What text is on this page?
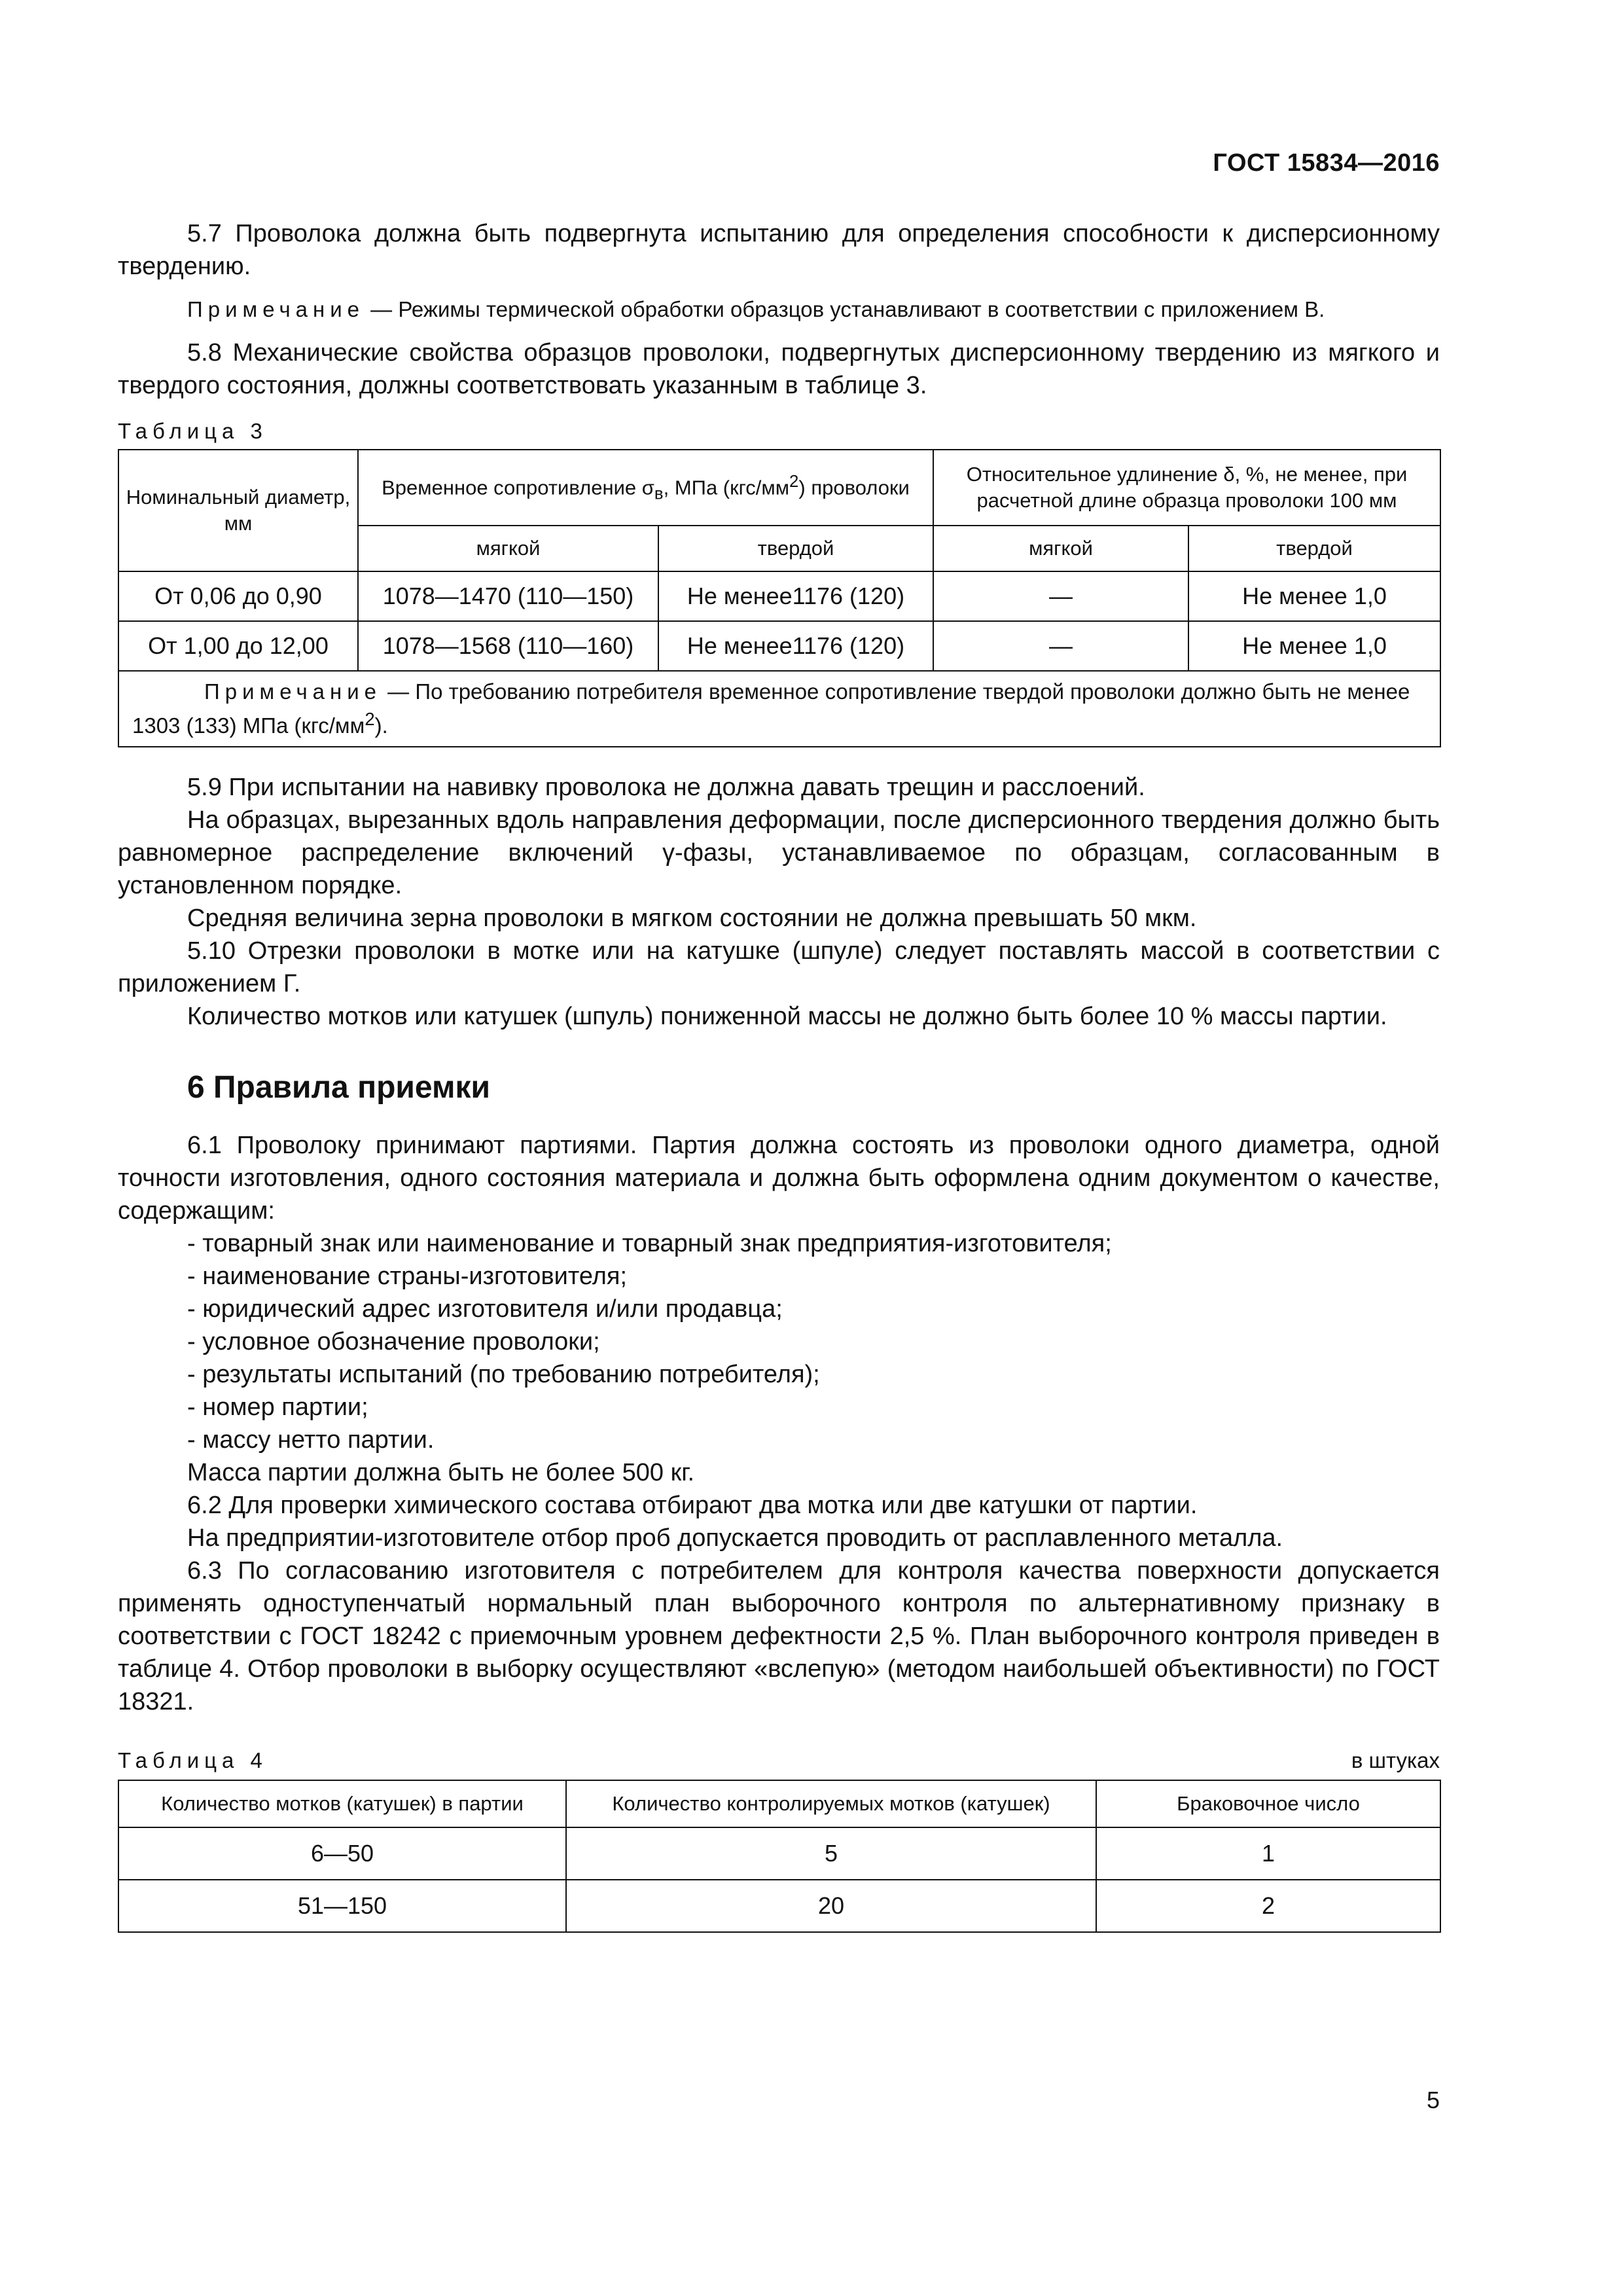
ГОСТ 15834—2016

5.7 Проволока должна быть подвергнута испытанию для определения способности к дисперсионному твердению.

Примечание — Режимы термической обработки образцов устанавливают в соответствии с приложением В.

5.8 Механические свойства образцов проволоки, подвергнутых дисперсионному твердению из мягкого и твердого состояния, должны соответствовать указанным в таблице 3.

Таблица 3
Номинальный диаметр, мм	Временное сопротивление $\sigma_в$, МПа $(кгс/мм^2)$ проволоки		Относительное удлинение δ, %, не менее, при расчетной длине образца проволоки 100 мм	
	мягкой	твердой	мягкой	твердой
От 0,06 до 0,90	1078—1470 (110—150)	Не менее1176 (120)	—	Не менее 1,0
От 1,00 до 12,00	1078—1568 (110—160)	Не менее1176 (120)	—	Не менее 1,0
Примечание — По требованию потребителя временное сопротивление твердой проволоки должно быть не менее 1303 (133) МПа $(кгс/мм^2)$.				

5.9 При испытании на навивку проволока не должна давать трещин и расслоений.

На образцах, вырезанных вдоль направления деформации, после дисперсионного твердения должно быть равномерное распределение включений γ-фазы, устанавливаемое по образцам, согласованным в установленном порядке.

Средняя величина зерна проволоки в мягком состоянии не должна превышать 50 мкм.

5.10 Отрезки проволоки в мотке или на катушке (шпуле) следует поставлять массой в соответствии с приложением Г.

Количество мотков или катушек (шпуль) пониженной массы не должно быть более 10 % массы партии.

6 Правила приемки

6.1 Проволоку принимают партиями. Партия должна состоять из проволоки одного диаметра, одной точности изготовления, одного состояния материала и должна быть оформлена одним документом о качестве, содержащим:

- товарный знак или наименование и товарный знак предприятия-изготовителя;

- наименование страны-изготовителя;

- юридический адрес изготовителя и/или продавца;

- условное обозначение проволоки;

- результаты испытаний (по требованию потребителя);

- номер партии;

- массу нетто партии.

Масса партии должна быть не более 500 кг.

6.2 Для проверки химического состава отбирают два мотка или две катушки от партии.

На предприятии-изготовителе отбор проб допускается проводить от расплавленного металла.

6.3 По согласованию изготовителя с потребителем для контроля качества поверхности допускается применять одноступенчатый нормальный план выборочного контроля по альтернативному признаку в соответствии с ГОСТ 18242 с приемочным уровнем дефектности 2,5 %. План выборочного контроля приведен в таблице 4. Отбор проволоки в выборку осуществляют «вслепую» (методом наибольшей объективности) по ГОСТ 18321.

Таблица 4	в штуках
Количество мотков (катушек) в партии	Количество контролируемых мотков (катушек)	Браковочное число
6—50	5	1
51—150	20	2
5
